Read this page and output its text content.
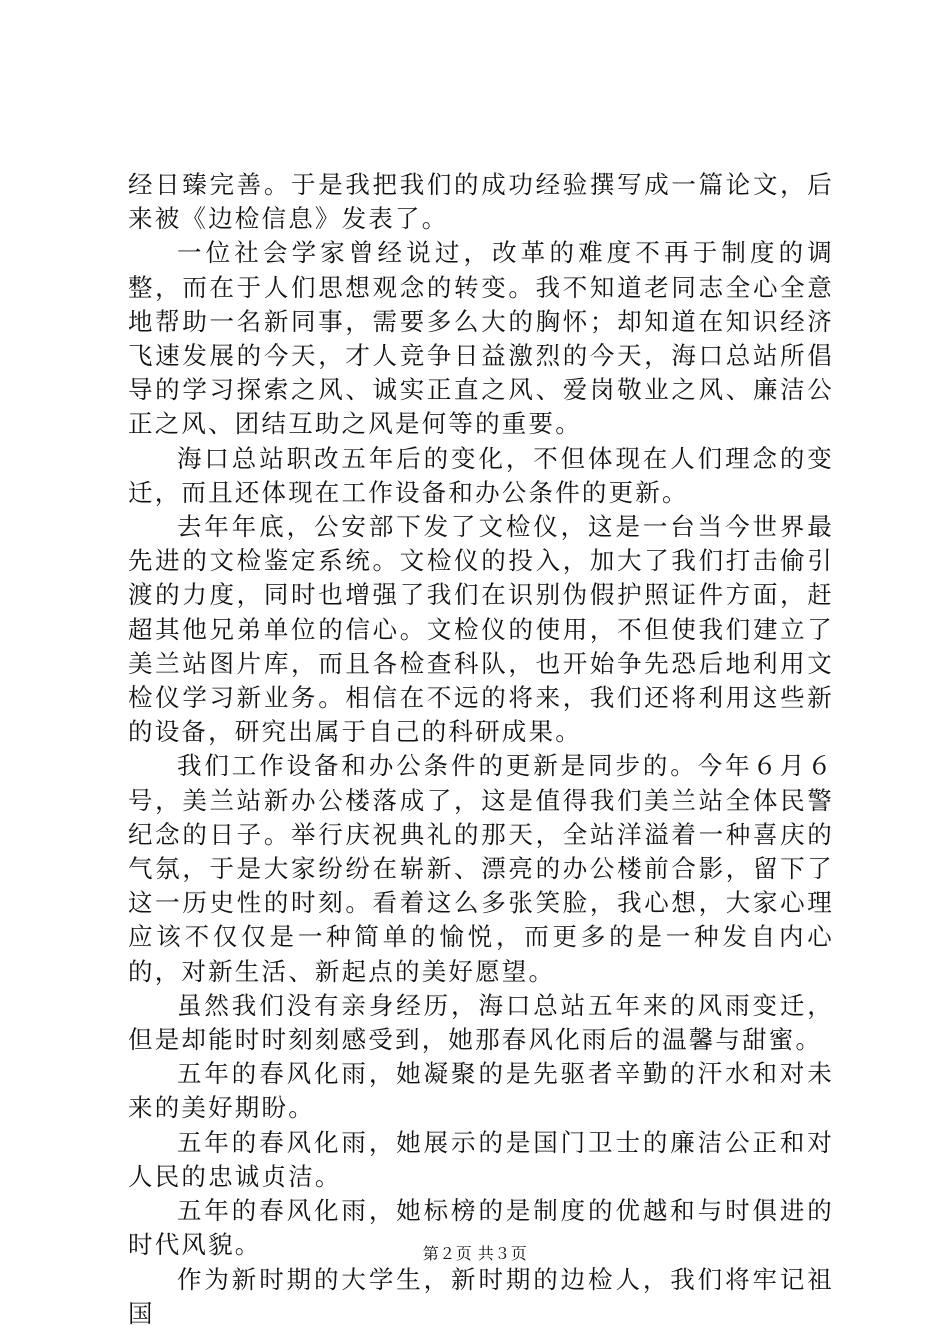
经日臻完善。于是我把我们的成功经验撰写成一篇论文，后来被《边检信息》发表了。

一位社会学家曾经说过，改革的难度不再于制度的调整，而在于人们思想观念的转变。我不知道老同志全心全意地帮助一名新同事，需要多么大的胸怀；却知道在知识经济飞速发展的今天，才人竞争日益激烈的今天，海口总站所倡导的学习探索之风、诚实正直之风、爱岗敬业之风、廉洁公正之风、团结互助之风是何等的重要。

海口总站职改五年后的变化，不但体现在人们理念的变迁，而且还体现在工作设备和办公条件的更新。

去年年底，公安部下发了文检仪，这是一台当今世界最先进的文检鉴定系统。文检仪的投入，加大了我们打击偷引渡的力度，同时也增强了我们在识别伪假护照证件方面，赶超其他兄弟单位的信心。文检仪的使用，不但使我们建立了美兰站图片库，而且各检查科队，也开始争先恐后地利用文检仪学习新业务。相信在不远的将来，我们还将利用这些新的设备，研究出属于自己的科研成果。

我们工作设备和办公条件的更新是同步的。今年６月６号，美兰站新办公楼落成了，这是值得我们美兰站全体民警纪念的日子。举行庆祝典礼的那天，全站洋溢着一种喜庆的气氛，于是大家纷纷在崭新、漂亮的办公楼前合影，留下了这一历史性的时刻。看着这么多张笑脸，我心想，大家心理应该不仅仅是一种简单的愉悦，而更多的是一种发自内心的，对新生活、新起点的美好愿望。

虽然我们没有亲身经历，海口总站五年来的风雨变迁，但是却能时时刻刻感受到，她那春风化雨后的温馨与甜蜜。

五年的春风化雨，她凝聚的是先驱者辛勤的汗水和对未来的美好期盼。

五年的春风化雨，她展示的是国门卫士的廉洁公正和对人民的忠诚贞洁。

五年的春风化雨，她标榜的是制度的优越和与时俱进的时代风貌。

作为新时期的大学生，新时期的边检人，我们将牢记祖国

第２页 共３页
